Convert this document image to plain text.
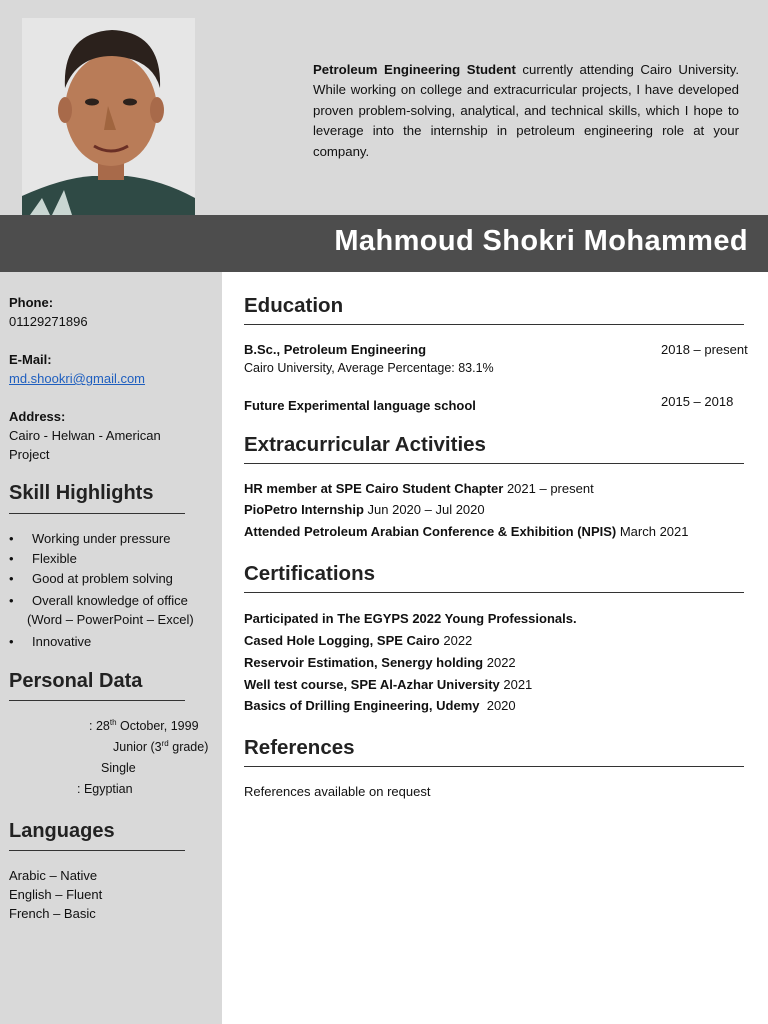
Petroleum Engineering Student currently attending Cairo University. While working on college and extracurricular projects, I have developed proven problem-solving, analytical, and technical skills, which I hope to leverage into the internship in petroleum engineering role at your company.

Mahmoud Shokri Mohammed
Phone:
01129271896
E-Mail:
md.shookri@gmail.com
Address:
Cairo - Helwan - American
Project
Skill Highlights
• Working under pressure
• Flexible
• Good at problem solving
• Overall knowledge of office
(Word – PowerPoint – Excel)
• Innovative
Personal Data
: 28th October, 1999
Junior (3rd grade)
Single
: Egyptian
Languages
Arabic – Native
English – Fluent
French – Basic
Education
B.Sc., Petroleum Engineering	2018 – present
Cairo University, Average Percentage: 83.1%
Future Experimental language school	2015 – 2018
Extracurricular Activities
HR member at SPE Cairo Student Chapter 2021 – present
PioPetro Internship Jun 2020 – Jul 2020
Attended Petroleum Arabian Conference & Exhibition (NPIS) March 2021
Certifications
Participated in The EGYPS 2022 Young Professionals.
Cased Hole Logging, SPE Cairo 2022
Reservoir Estimation, Senergy holding 2022
Well test course, SPE Al-Azhar University 2021
Basics of Drilling Engineering, Udemy  2020
References
References available on request
